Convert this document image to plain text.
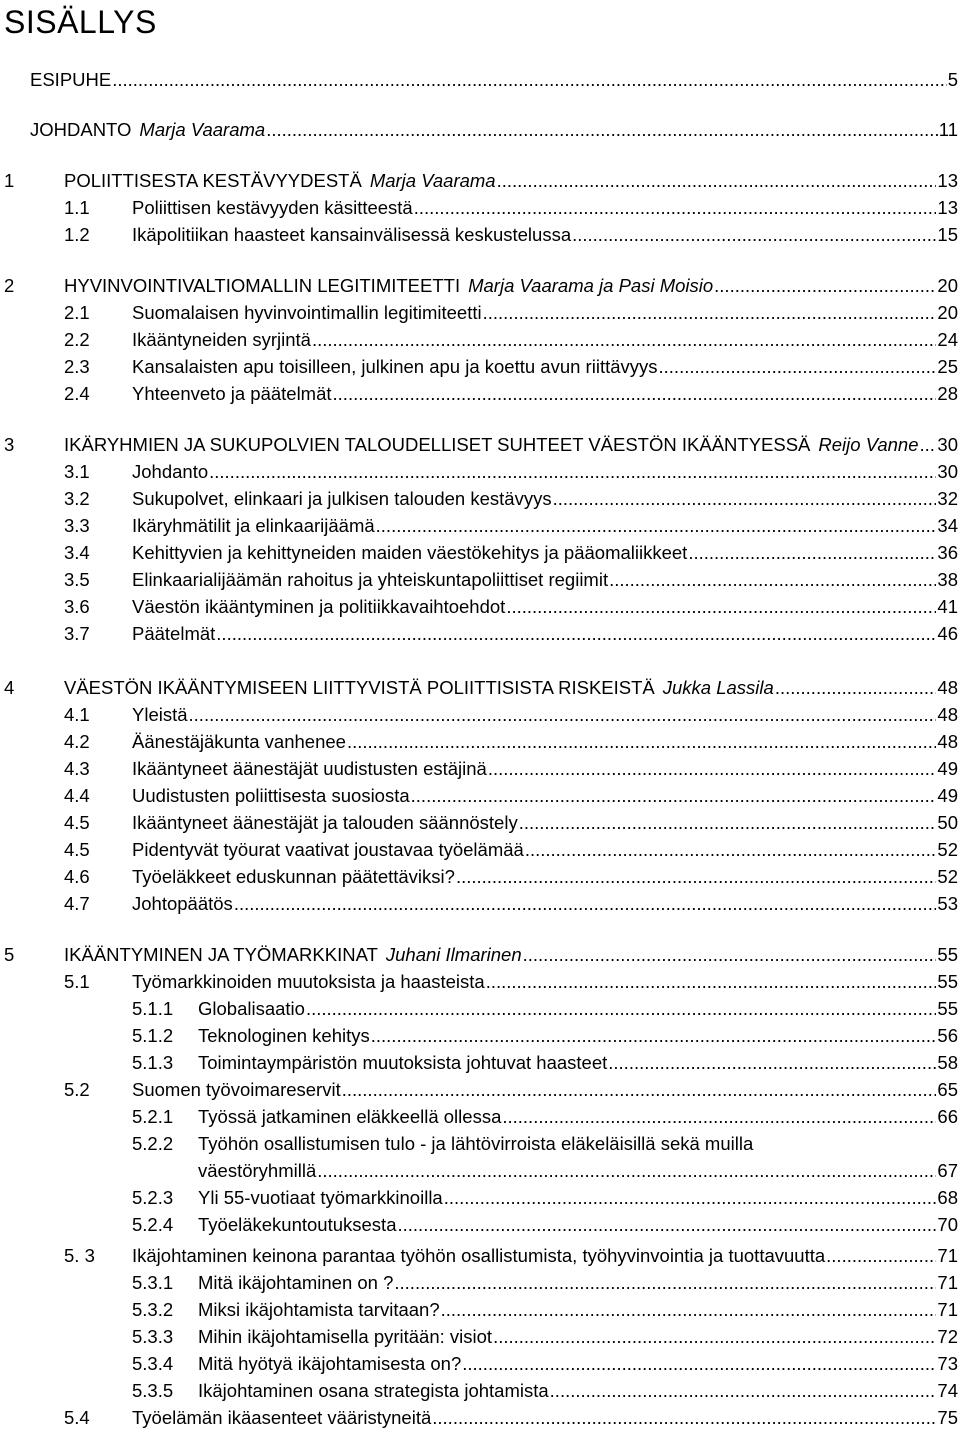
SISÄLLYS
ESIPUHE .....	5
JOHDANTO Marja Vaarama .....	11
1	POLIITTISESTA KESTÄVYYDESTÄ Marja Vaarama .....	13
1.1 Poliittisen kestävyyden käsitteestä .....	13
1.2 Ikäpolitiikan haasteet kansainvälisessä keskustelussa .....	15
2	HYVINVOINTIVALTIOMALLIN LEGITIMITEETTI Marja Vaarama ja Pasi Moisio .....	20
2.1 Suomalaisen hyvinvointimallin legitimiteetti .....	20
2.2 Ikääntyneiden syrjintä .....	24
2.3 Kansalaisten apu toisilleen, julkinen apu ja koettu avun riittävyys .....	25
2.4 Yhteenveto ja päätelmät .....	28
3	IKÄRYHMIEN JA SUKUPOLVIEN TALOUDELLISET SUHTEET VÄESTÖN IKÄÄNTYESSÄ Reijo Vanne ..... 30
3.1 Johdanto .....	30
3.2 Sukupolvet, elinkaari ja julkisen talouden kestävyys .....	32
3.3 Ikäryhmätilit ja elinkaarijäämä .....	34
3.4 Kehittyvien ja kehittyneiden maiden väestökehitys ja pääomaliikkeet .....	36
3.5 Elinkaarialijäämän rahoitus ja yhteiskuntapoliittiset regiimit .....	38
3.6 Väestön ikääntyminen ja politiikkavaihtoehdot .....	41
3.7 Päätelmät .....	46
4	VÄESTÖN IKÄÄNTYMISEEN LIITTYVISTÄ POLIITTISISTA RISKEISTÄ Jukka Lassila .....	48
4.1 Yleistä .....	48
4.2 Äänestäjäkunta vanhenee .....	48
4.3 Ikääntyneet äänestäjät uudistusten estäjinä .....	49
4.4 Uudistusten poliittisesta suosiosta .....	49
4.5 Ikääntyneet äänestäjät ja talouden säännöstely .....	50
4.5 Pidentyvät työurat vaativat joustavaa työelämää .....	52
4.6 Työeläkkeet eduskunnan päätettäviksi? .....	52
4.7 Johtopäätös .....	53
5	IKÄÄNTYMINEN JA TYÖMARKKINAT Juhani Ilmarinen .....	55
5.1 Työmarkkinoiden muutoksista ja haasteista .....	55
5.1.1 Globalisaatio .....	55
5.1.2 Teknologinen kehitys .....	56
5.1.3 Toimintaympäristön muutoksista johtuvat haasteet .....	58
5.2 Suomen työvoimareservit .....	65
5.2.1 Työssä jatkaminen eläkkeellä ollessa .....	66
5.2.2 Työhön osallistumisen tulo - ja lähtövirroista eläkeläisillä sekä muilla
väestöryhmillä .....	67
5.2.3 Yli 55-vuotiaat työmarkkinoilla .....	68
5.2.4 Työeläkekuntoutuksesta .....	70
5. 3 Ikäjohtaminen keinona parantaa työhön osallistumista, työhyvinvointia ja tuottavuutta .....	71
5.3.1 Mitä ikäjohtaminen on ? .....	71
5.3.2 Miksi ikäjohtamista tarvitaan? .....	71
5.3.3 Mihin ikäjohtamisella pyritään: visiot .....	72
5.3.4 Mitä hyötyä ikäjohtamisesta on? .....	73
5.3.5 Ikäjohtaminen osana strategista johtamista .....	74
5.4 Työelämän ikäasenteet vääristyneitä .....	75
